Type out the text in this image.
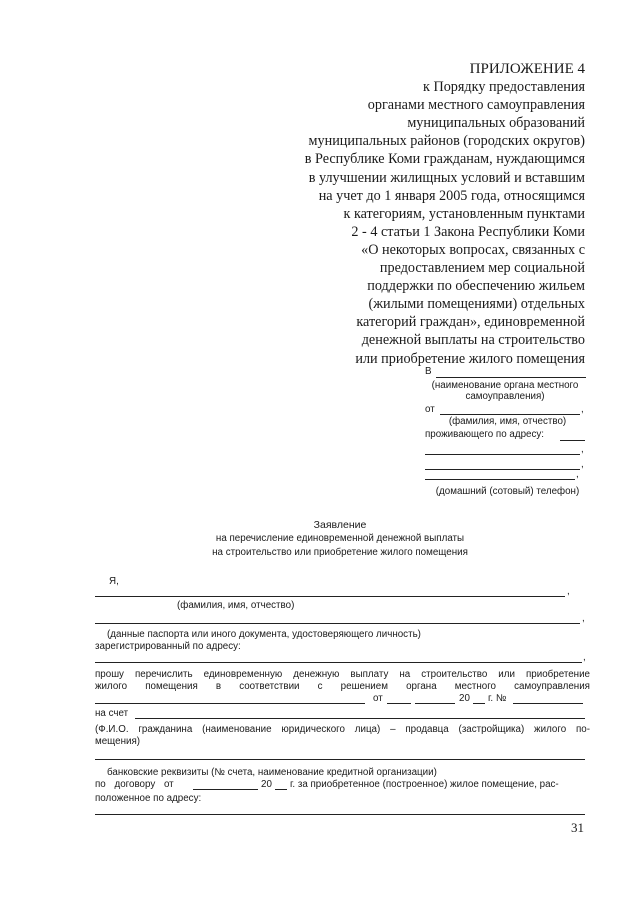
ПРИЛОЖЕНИЕ 4
к Порядку предоставления
органами местного самоуправления
муниципальных образований
муниципальных районов (городских округов)
в Республике Коми гражданам, нуждающимся
в улучшении жилищных условий и вставшим
на учет до 1 января 2005 года, относящимся
к категориям, установленным пунктами
2 - 4 статьи 1 Закона Республики Коми
«О некоторых вопросах, связанных с
предоставлением мер социальной
поддержки по обеспечению жильем
(жилыми помещениями) отдельных
категорий граждан», единовременной
денежной выплаты на строительство
или приобретение жилого помещения
В
(наименование органа местного
самоуправления)
от	,
(фамилия, имя, отчество)
проживающего по адресу:
,
,
,
(домашний (сотовый) телефон)
Заявление
на перечисление единовременной денежной выплаты
на строительство или приобретение жилого помещения
Я,
,
(фамилия, имя, отчество)
,
(данные паспорта или иного документа, удостоверяющего личность)
зарегистрированный по адресу:
,
прошу перечислить единовременную денежную выплату на строительство или приобретение
жилого помещения в соответствии с решением органа местного самоуправления
от	20 г. №
на счет
(Ф.И.О. гражданина (наименование юридического лица) – продавца (застройщика) жилого по-
мещения)
банковские реквизиты (№ счета, наименование кредитной организации)
по договору от	20 г. за приобретенное (построенное) жилое помещение, рас-
положенное по адресу:
31
